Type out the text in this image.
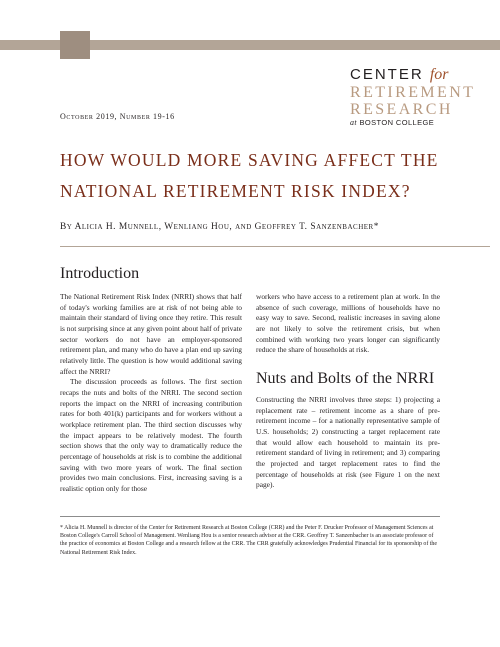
CENTER for
RETIREMENT
RESEARCH
at BOSTON COLLEGE
October 2019, Number 19-16
HOW WOULD MORE SAVING AFFECT THE
NATIONAL RETIREMENT RISK INDEX?
By Alicia H. Munnell, Wenliang Hou, and Geoffrey T. Sanzenbacher*
Introduction

The National Retirement Risk Index (NRRI) shows that half of today's working families are at risk of not being able to maintain their standard of living once they retire. This result is not surprising since at any given point about half of private sector workers do not have an employer-sponsored retirement plan, and many who do have a plan end up saving relatively little. The question is how would additional saving affect the NRRI?

The discussion proceeds as follows. The first section recaps the nuts and bolts of the NRRI. The second section reports the impact on the NRRI of increasing contribution rates for both 401(k) participants and for workers without a workplace retirement plan. The third section discusses why the impact appears to be relatively modest. The fourth section shows that the only way to dramatically reduce the percentage of households at risk is to combine the additional saving with two more years of work. The final section provides two main conclusions. First, increasing saving is a realistic option only for those

workers who have access to a retirement plan at work. In the absence of such coverage, millions of households have no easy way to save. Second, realistic increases in saving alone are not likely to solve the retirement crisis, but when combined with working two years longer can significantly reduce the share of households at risk.

Nuts and Bolts of the NRRI

Constructing the NRRI involves three steps: 1) projecting a replacement rate – retirement income as a share of pre-retirement income – for a nationally representative sample of U.S. households; 2) constructing a target replacement rate that would allow each household to maintain its pre-retirement standard of living in retirement; and 3) comparing the projected and target replacement rates to find the percentage of households at risk (see Figure 1 on the next page).

* Alicia H. Munnell is director of the Center for Retirement Research at Boston College (CRR) and the Peter F. Drucker Professor of Management Sciences at Boston College's Carroll School of Management. Wenliang Hou is a senior research advisor at the CRR. Geoffrey T. Sanzenbacher is an associate professor of the practice of economics at Boston College and a research fellow at the CRR. The CRR gratefully acknowledges Prudential Financial for its sponsorship of the National Retirement Risk Index.
